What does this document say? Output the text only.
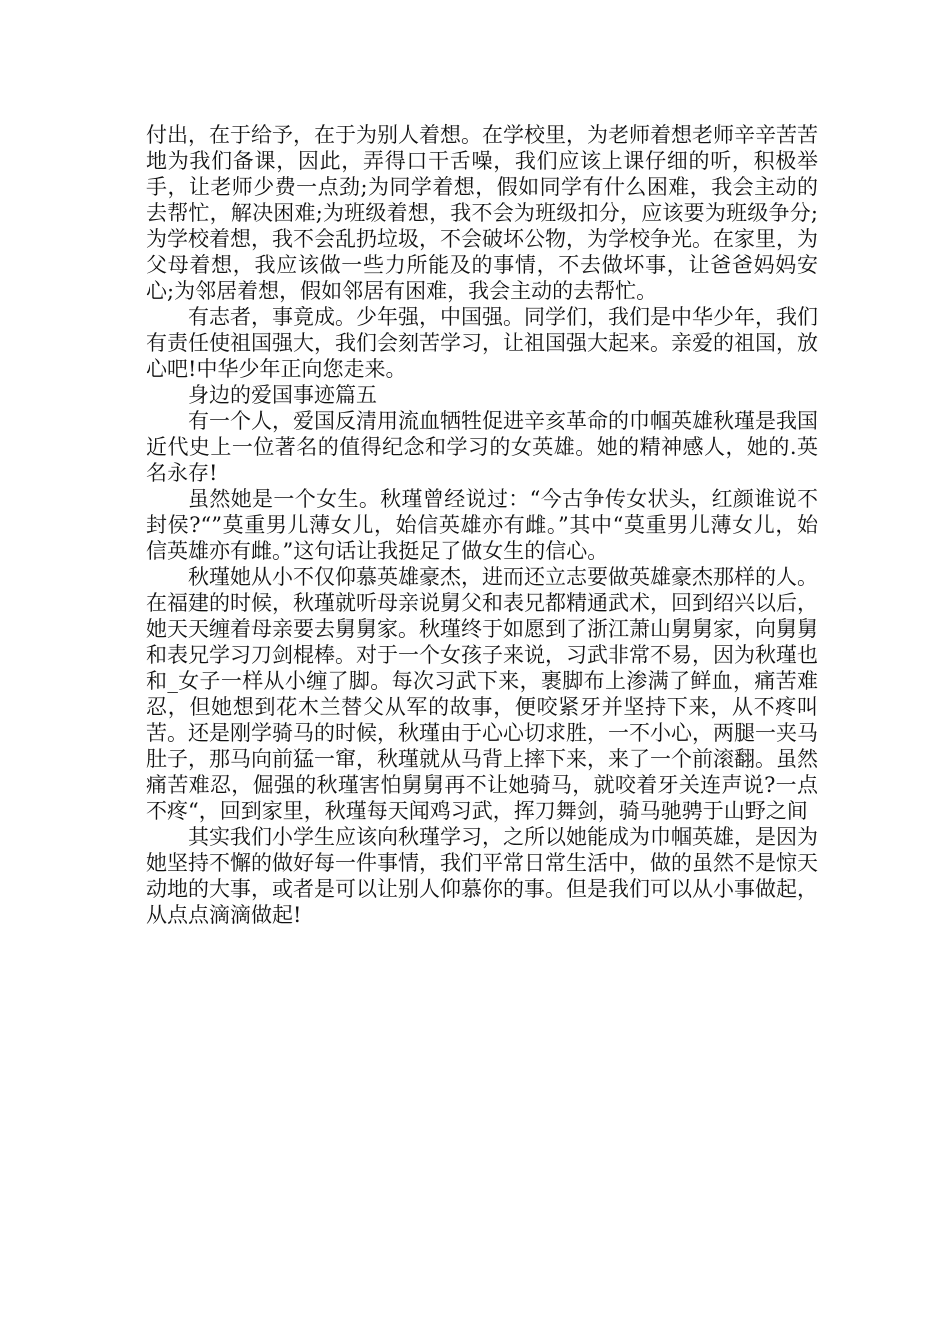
付出，在于给予，在于为别人着想。在学校里，为老师着想老师辛辛苦苦地为我们备课，因此，弄得口干舌噪，我们应该上课仔细的听，积极举手，让老师少费一点劲;为同学着想，假如同学有什么困难，我会主动的去帮忙，解决困难;为班级着想，我不会为班级扣分，应该要为班级争分;为学校着想，我不会乱扔垃圾，不会破坏公物，为学校争光。在家里，为父母着想，我应该做一些力所能及的事情，不去做坏事，让爸爸妈妈安心;为邻居着想，假如邻居有困难，我会主动的去帮忙。

有志者，事竟成。少年强，中国强。同学们，我们是中华少年，我们有责任使祖国强大，我们会刻苦学习，让祖国强大起来。亲爱的祖国，放心吧!中华少年正向您走来。

身边的爱国事迹篇五

有一个人，爱国反清用流血牺牲促进辛亥革命的巾帼英雄秋瑾是我国近代史上一位著名的值得纪念和学习的女英雄。她的精神感人，她的.英名永存!

虽然她是一个女生。秋瑾曾经说过：“今古争传女状头，红颜谁说不封侯?“”莫重男儿薄女儿，始信英雄亦有雌。”其中“莫重男儿薄女儿，始信英雄亦有雌。”这句话让我挺足了做女生的信心。

秋瑾她从小不仅仰慕英雄豪杰，进而还立志要做英雄豪杰那样的人。在福建的时候，秋瑾就听母亲说舅父和表兄都精通武术，回到绍兴以后，她天天缠着母亲要去舅舅家。秋瑾终于如愿到了浙江萧山舅舅家，向舅舅和表兄学习刀剑棍棒。对于一个女孩子来说，习武非常不易，因为秋瑾也和_女子一样从小缠了脚。每次习武下来，裹脚布上渗满了鲜血，痛苦难忍，但她想到花木兰替父从军的故事，便咬紧牙并坚持下来，从不疼叫苦。还是刚学骑马的时候，秋瑾由于心心切求胜，一不小心，两腿一夹马肚子，那马向前猛一窜，秋瑾就从马背上摔下来，来了一个前滚翻。虽然痛苦难忍，倔强的秋瑾害怕舅舅再不让她骑马，就咬着牙关连声说?一点不疼“，回到家里，秋瑾每天闻鸡习武，挥刀舞剑，骑马驰骋于山野之间

其实我们小学生应该向秋瑾学习，之所以她能成为巾帼英雄，是因为她坚持不懈的做好每一件事情，我们平常日常生活中，做的虽然不是惊天动地的大事，或者是可以让别人仰慕你的事。但是我们可以从小事做起，从点点滴滴做起!
